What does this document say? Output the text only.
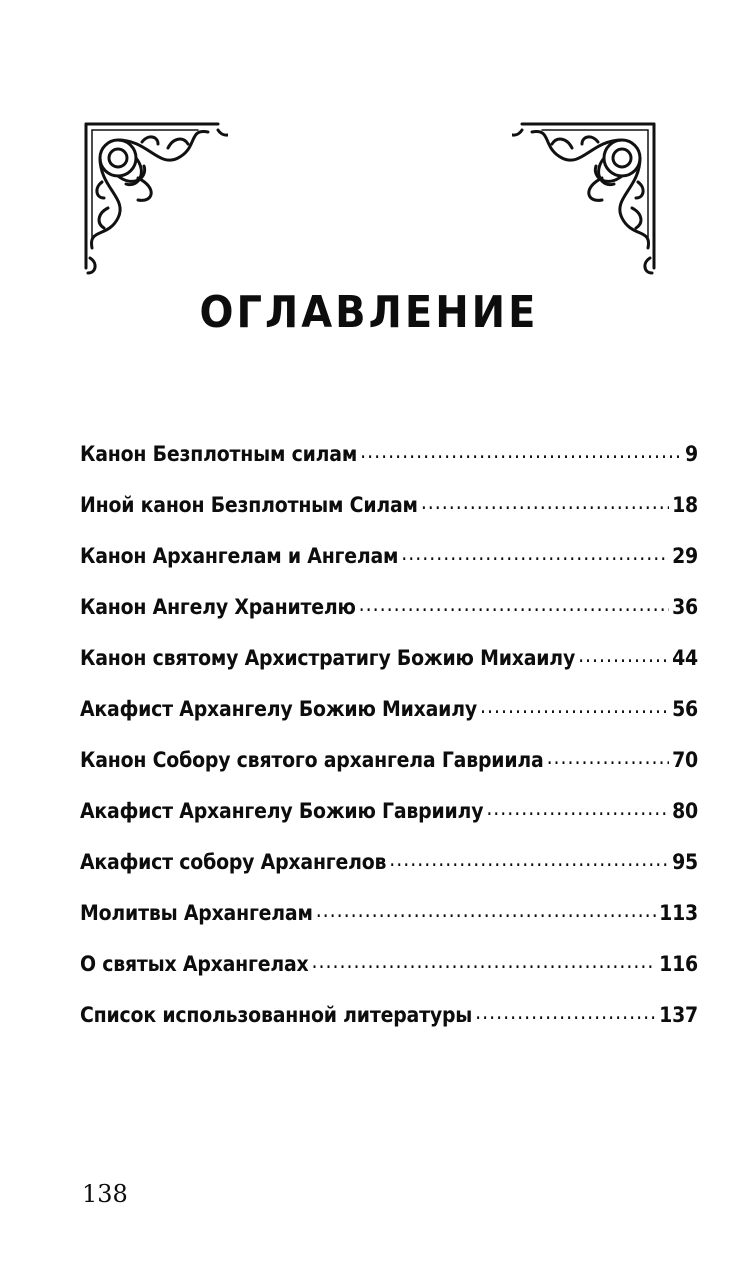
ОГЛАВЛЕНИЕ
Канон Безплотным силам .....	9
Иной канон Безплотным Силам .....	18
Канон Архангелам и Ангелам .....	29
Канон Ангелу Хранителю .....	36
Канон святому Архистратигу Божию Михаилу .....	44
Акафист Архангелу Божию Михаилу .....	56
Канон Собору святого архангела Гавриила .....	70
Акафист Архангелу Божию Гавриилу .....	80
Акафист собору Архангелов .....	95
Молитвы Архангелам .....	113
О святых Архангелах .....	116
Список использованной литературы .....	137
138
